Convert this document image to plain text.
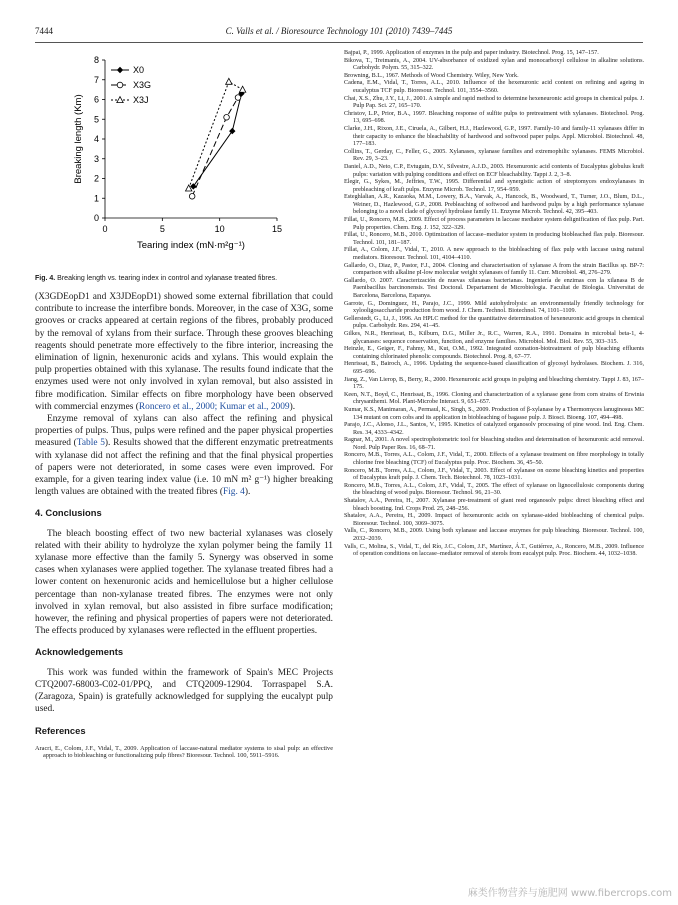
7444	C. Valls et al. / Bioresource Technology 101 (2010) 7439–7445
0
1
2
3
4
5
6
7
8
0	5	10	15
Tearing index (mN·m²g⁻¹)
Breaking length (Km)
X0
X3G
X3J
Fig. 4. Breaking length vs. tearing index in control and xylanase treated fibres.

(X3GDEopD1 and X3JDEopD1) showed some external fibrillation that could contribute to increase the interfibre bonds. Moreover, in the case of X3G, some grooves or cracks appeared at certain regions of the fibres, probably produced by the removal of xylans from their surface. Through these grooves bleaching reagents should penetrate more effectively to the fibre interior, increasing the elimination of lignin, hexenuronic acids and xylans. This would explain the pulp properties obtained with this xylanase. The results found indicate that the enzymes used were not only involved in xylan removal, but also assisted in fibre modification. Similar effects on fibre morphology have been observed with commercial enzymes (Roncero et al., 2000; Kumar et al., 2009).

Enzyme removal of xylans can also affect the refining and physical properties of pulps. Thus, pulps were refined and the paper physical properties measured (Table 5). Results showed that the different enzymatic pretreatments with xylanase did not affect the refining and that the final physical properties of papers were not deteriorated, in some cases were even improved. For example, for a given tearing index value (i.e. 10 mN m² g⁻¹) higher breaking length values are obtained with the treated fibres (Fig. 4).

4. Conclusions

The bleach boosting effect of two new bacterial xylanases was closely related with their ability to hydrolyze the xylan polymer being the family 11 xylanase more effective than the family 5. Synergy was observed in some cases when xylanases were applied together. The xylanase treated fibres had a lower content on hexenuronic acids and hemicellulose but a higher cellulose percentage than non-xylanase treated fibres. The enzymes were not only involved in xylan removal, but also assisted in fibre surface modification; however, the refining and physical properties of papers were not deteriorated. The effects produced by xylanases were reflected in the effluent properties.

Acknowledgements

This work was funded within the framework of Spain's MEC Projects CTQ2007-68003-C02-01/PPQ, and CTQ2009-12904. Torraspapel S.A. (Zaragoza, Spain) is gratefully acknowledged for supplying the eucalypt pulp used.

References

Aracri, E., Colom, J.F., Vidal, T., 2009. Application of laccase-natural mediator systems to sisal pulp: an effective approach to biobleaching or functionalizing pulp fibres? Bioresour. Technol. 100, 5911–5916.

Bajpai, P., 1999. Application of enzymes in the pulp and paper industry. Biotechnol. Prog. 15, 147–157.

Bikova, T., Treimanis, A., 2004. UV-absorbance of oxidized xylan and monocarboxyl cellulose in alkaline solutions. Carbohydr. Polym. 55, 315–322.

Browning, B.L., 1967. Methods of Wood Chemistry. Wiley, New York.

Cadena, E.M., Vidal, T., Torres, A.L., 2010. Influence of the hexenuronic acid content on refining and ageing in eucalyptus TCF pulp. Bioresour. Technol. 101, 3554–3560.

Chai, X.S., Zhu, J.Y., Li, J., 2001. A simple and rapid method to determine hexeneuronic acid groups in chemical pulps. J. Pulp Pap. Sci. 27, 165–170.

Christov, L.P., Prior, B.A., 1997. Bleaching response of sulfite pulps to pretreatment with xylanases. Biotechnol. Prog. 13, 695–698.

Clarke, J.H., Rixon, J.E., Ciruela, A., Gilbert, H.J., Hazlewood, G.P., 1997. Family-10 and family-11 xylanases differ in their capacity to enhance the bleachability of hardwood and softwood paper pulps. Appl. Microbiol. Biotechnol. 48, 177–183.

Collins, T., Gerday, C., Feller, G., 2005. Xylanases, xylanase families and extremophilic xylanases. FEMS Microbiol. Rev. 29, 3–23.

Daniel, A.D., Neto, C.P., Evtuguin, D.V., Silvestre, A.J.D., 2003. Hexenuronic acid contents of Eucalyptus globulus kraft pulps: variation with pulping conditions and effect on ECF bleachability. Tappi J. 2, 3–8.

Elegir, G., Sykes, M., Jeffries, T.W., 1995. Differential and synergistic action of streptomyces endoxylanases in prebleaching of kraft pulps. Enzyme Microb. Technol. 17, 954–959.

Esteghlalian, A.R., Kazaoka, M.M., Lowery, B.A., Varvak, A., Hancock, B., Woodward, T., Turner, J.O., Blum, D.L., Weiner, D., Hazlewood, G.P., 2008. Prebleaching of softwood and hardwood pulps by a high performance xylanase belonging to a novel clade of glycosyl hydrolase family 11. Enzyme Microb. Technol. 42, 395–403.

Fillat, U., Roncero, M.B., 2009. Effect of process parameters in laccase mediator system delignification of flax pulp. Part. Pulp properties. Chem. Eng. J. 152, 322–329.

Fillat, U., Roncero, M.B., 2010. Optimization of laccase–mediator system in producing biobleached flax pulp. Bioresour. Technol. 101, 181–187.

Fillat, A., Colom, J.F., Vidal, T., 2010. A new approach to the biobleaching of flax pulp with laccase using natural mediators. Bioresour. Technol. 101, 4104–4110.

Gallardo, O., Diaz, P., Pastor, F.J., 2004. Cloning and characterisation of xylanase A from the strain Bacillus sp. BP-7: comparison with alkaline pI-low molecular weight xylanases of family 11. Curr. Microbiol. 48, 276–279.

Gallardo, O. 2007. Caracterización de nuevas xilanasas bacterianas. Ingeniería de enzimas con la xilanasa B de Paenibacillus barcinonensis. Tesi Doctoral. Departament de Microbiologia. Facultat de Biologia. Universitat de Barcelona, Barcelona, Espanya.

Garrote, G., Dominguez, H., Parajo, J.C., 1999. Mild autohydrolysis: an environmentally friendly technology for xylooligosaccharide production from wood. J. Chem. Technol. Biotechnol. 74, 1101–1109.

Gellerstedt, G., Li, J., 1996. An HPLC method for the quantitative determination of hexeneuronic acid groups in chemical pulps. Carbohydr. Res. 294, 41–45.

Gilkes, N.R., Henrissat, B., Kilburn, D.G., Miller Jr., R.C., Warren, R.A., 1991. Domains in microbial beta-1, 4-glycanases: sequence conservation, function, and enzyme families. Microbiol. Mol. Biol. Rev. 55, 303–315.

Heinzle, E., Geiger, F., Fahmy, M., Kut, O.M., 1992. Integrated ozonation-biotreatment of pulp bleaching effluents containing chlorinated phenolic compounds. Biotechnol. Prog. 8, 67–77.

Henrissat, B., Bairoch, A., 1996. Updating the sequence-based classification of glycosyl hydrolases. Biochem. J. 316, 695–696.

Jiang, Z., Van Lierop, B., Berry, R., 2000. Hexenuronic acid groups in pulping and bleaching chemistry. Tappi J. 83, 167–175.

Keen, N.T., Boyd, C., Henrissat, B., 1996. Cloning and characterization of a xylanase gene from corn strains of Erwinia chrysanthemi. Mol. Plant-Microbe Interact. 9, 651–657.

Kumar, K.S., Manimaran, A., Permaul, K., Singh, S., 2009. Production of β-xylanase by a Thermomyces lanuginosus MC 134 mutant on corn cobs and its application in biobleaching of bagasse pulp. J. Biosci. Bioeng. 107, 494–498.

Parajo, J.C., Alonso, J.L., Santos, V., 1995. Kinetics of catalyzed organosolv processing of pine wood. Ind. Eng. Chem. Res. 34, 4333–4342.

Ragnar, M., 2001. A novel spectrophotometric tool for bleaching studies and determination of hexenuronic acid removal. Nord. Pulp Paper Res. 16, 68–71.

Roncero, M.B., Torres, A.L., Colom, J.F., Vidal, T., 2000. Effects of a xylanase treatment on fibre morphology in totally chlorine free bleaching (TCF) of Eucalyptus pulp. Proc. Biochem. 36, 45–50.

Roncero, M.B., Torres, A.L., Colom, J.F., Vidal, T., 2003. Effect of xylanase on ozone bleaching kinetics and properties of Eucalyptus kraft pulp. J. Chem. Tech. Biotechnol. 78, 1023–1031.

Roncero, M.B., Torres, A.L., Colom, J.F., Vidal, T., 2005. The effect of xylanase on lignocellulosic components during the bleaching of wood pulps. Bioresour. Technol. 96, 21–30.

Shatalov, A.A., Pereira, H., 2007. Xylanase pre-treatment of giant reed organosolv pulps: direct bleaching effect and bleach boosting. Ind. Crops Prod. 25, 248–256.

Shatalov, A.A., Pereira, H., 2009. Impact of hexenuronic acids on xylanase-aided biobleaching of chemical pulps. Bioresour. Technol. 100, 3069–3075.

Valls, C., Roncero, M.B., 2009. Using both xylanase and laccase enzymes for pulp bleaching. Bioresour. Technol. 100, 2032–2039.

Valls, C., Molina, S., Vidal, T., del Río, J.C., Colom, J.F., Martínez, Á.T., Gutiérrez, A., Roncero, M.B., 2009. Influence of operation conditions on laccase–mediator removal of sterols from eucalypt pulp. Proc. Biochem. 44, 1032–1038.

麻类作物营养与施肥网 www.fibercrops.com
